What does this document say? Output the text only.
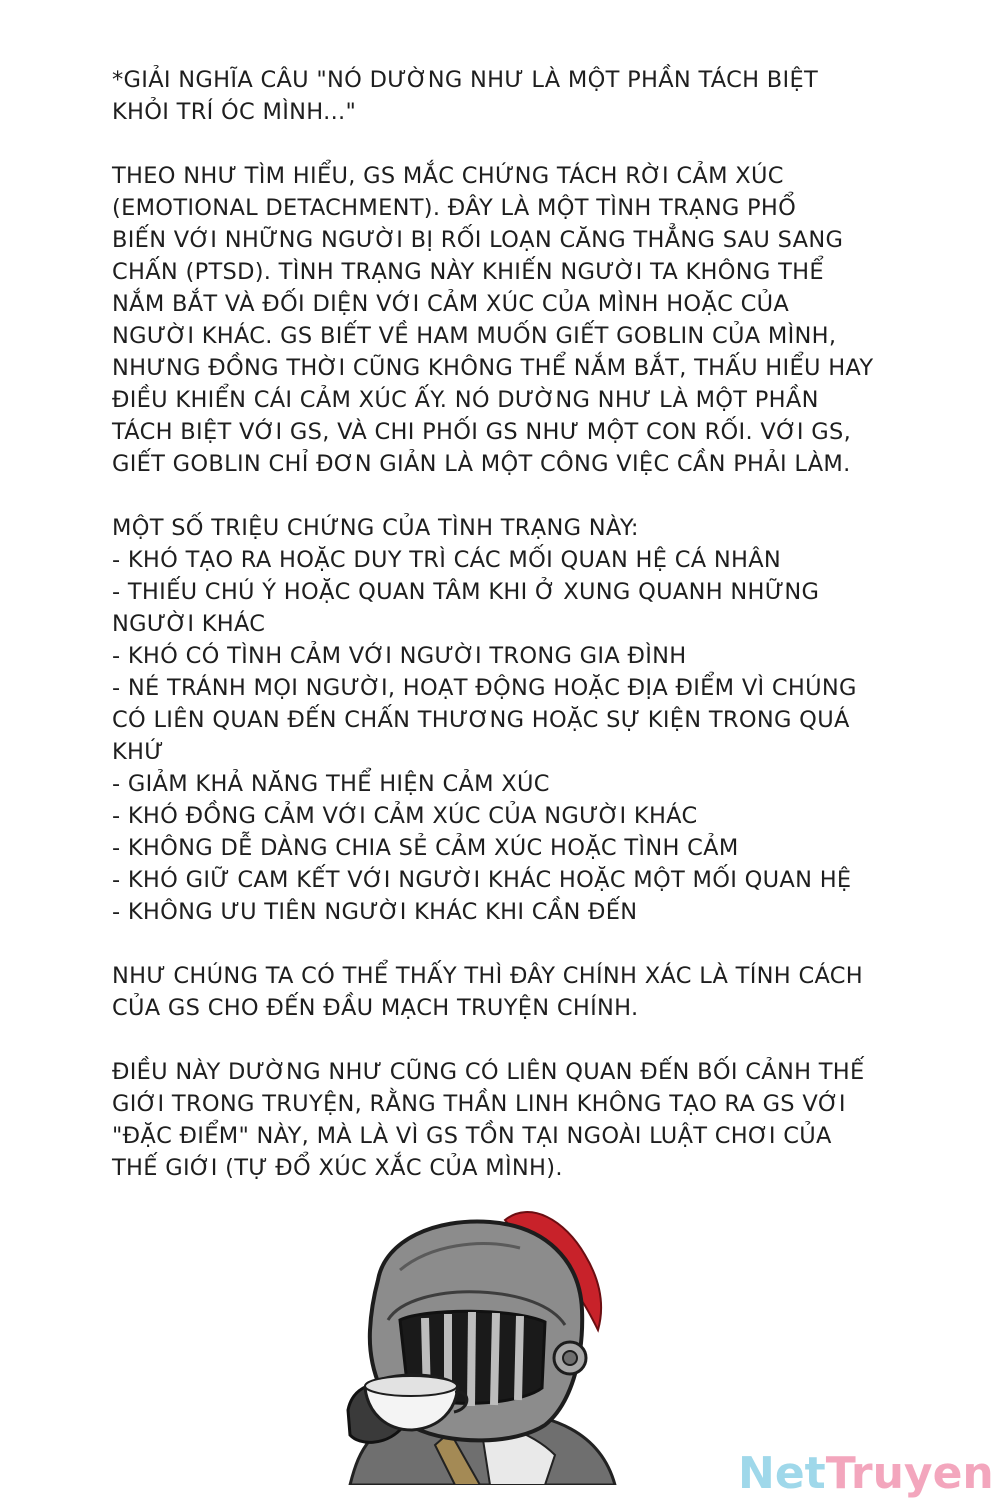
*GIẢI NGHĨA CÂU "NÓ DƯỜNG NHƯ LÀ MỘT PHẦN TÁCH BIỆT
KHỎI TRÍ ÓC MÌNH..."
THEO NHƯ TÌM HIỂU, GS MẮC CHỨNG TÁCH RỜI CẢM XÚC
(EMOTIONAL DETACHMENT). ĐÂY LÀ MỘT TÌNH TRẠNG PHỔ
BIẾN VỚI NHỮNG NGƯỜI BỊ RỐI LOẠN CĂNG THẲNG SAU SANG
CHẤN (PTSD). TÌNH TRẠNG NÀY KHIẾN NGƯỜI TA KHÔNG THỂ
NẮM BẮT VÀ ĐỐI DIỆN VỚI CẢM XÚC CỦA MÌNH HOẶC CỦA
NGƯỜI KHÁC. GS BIẾT VỀ HAM MUỐN GIẾT GOBLIN CỦA MÌNH,
NHƯNG ĐỒNG THỜI CŨNG KHÔNG THỂ NẮM BẮT, THẤU HIỂU HAY
ĐIỀU KHIỂN CÁI CẢM XÚC ẤY. NÓ DƯỜNG NHƯ LÀ MỘT PHẦN
TÁCH BIỆT VỚI GS, VÀ CHI PHỐI GS NHƯ MỘT CON RỐI. VỚI GS,
GIẾT GOBLIN CHỈ ĐƠN GIẢN LÀ MỘT CÔNG VIỆC CẦN PHẢI LÀM.
MỘT SỐ TRIỆU CHỨNG CỦA TÌNH TRẠNG NÀY:
- KHÓ TẠO RA HOẶC DUY TRÌ CÁC MỐI QUAN HỆ CÁ NHÂN
- THIẾU CHÚ Ý HOẶC QUAN TÂM KHI Ở XUNG QUANH NHỮNG
NGƯỜI KHÁC
- KHÓ CÓ TÌNH CẢM VỚI NGƯỜI TRONG GIA ĐÌNH
- NÉ TRÁNH MỌI NGƯỜI, HOẠT ĐỘNG HOẶC ĐỊA ĐIỂM VÌ CHÚNG
CÓ LIÊN QUAN ĐẾN CHẤN THƯƠNG HOẶC SỰ KIỆN TRONG QUÁ
KHỨ
- GIẢM KHẢ NĂNG THỂ HIỆN CẢM XÚC
- KHÓ ĐỒNG CẢM VỚI CẢM XÚC CỦA NGƯỜI KHÁC
- KHÔNG DỄ DÀNG CHIA SẺ CẢM XÚC HOẶC TÌNH CẢM
- KHÓ GIỮ CAM KẾT VỚI NGƯỜI KHÁC HOẶC MỘT MỐI QUAN HỆ
- KHÔNG ƯU TIÊN NGƯỜI KHÁC KHI CẦN ĐẾN
NHƯ CHÚNG TA CÓ THỂ THẤY THÌ ĐÂY CHÍNH XÁC LÀ TÍNH CÁCH
CỦA GS CHO ĐẾN ĐẦU MẠCH TRUYỆN CHÍNH.
ĐIỀU NÀY DƯỜNG NHƯ CŨNG CÓ LIÊN QUAN ĐẾN BỐI CẢNH THẾ
GIỚI TRONG TRUYỆN, RẰNG THẦN LINH KHÔNG TẠO RA GS VỚI
"ĐẶC ĐIỂM" NÀY, MÀ LÀ VÌ GS TỒN TẠI NGOÀI LUẬT CHƠI CỦA
THẾ GIỚI (TỰ ĐỔ XÚC XẮC CỦA MÌNH).
NetTruyen
